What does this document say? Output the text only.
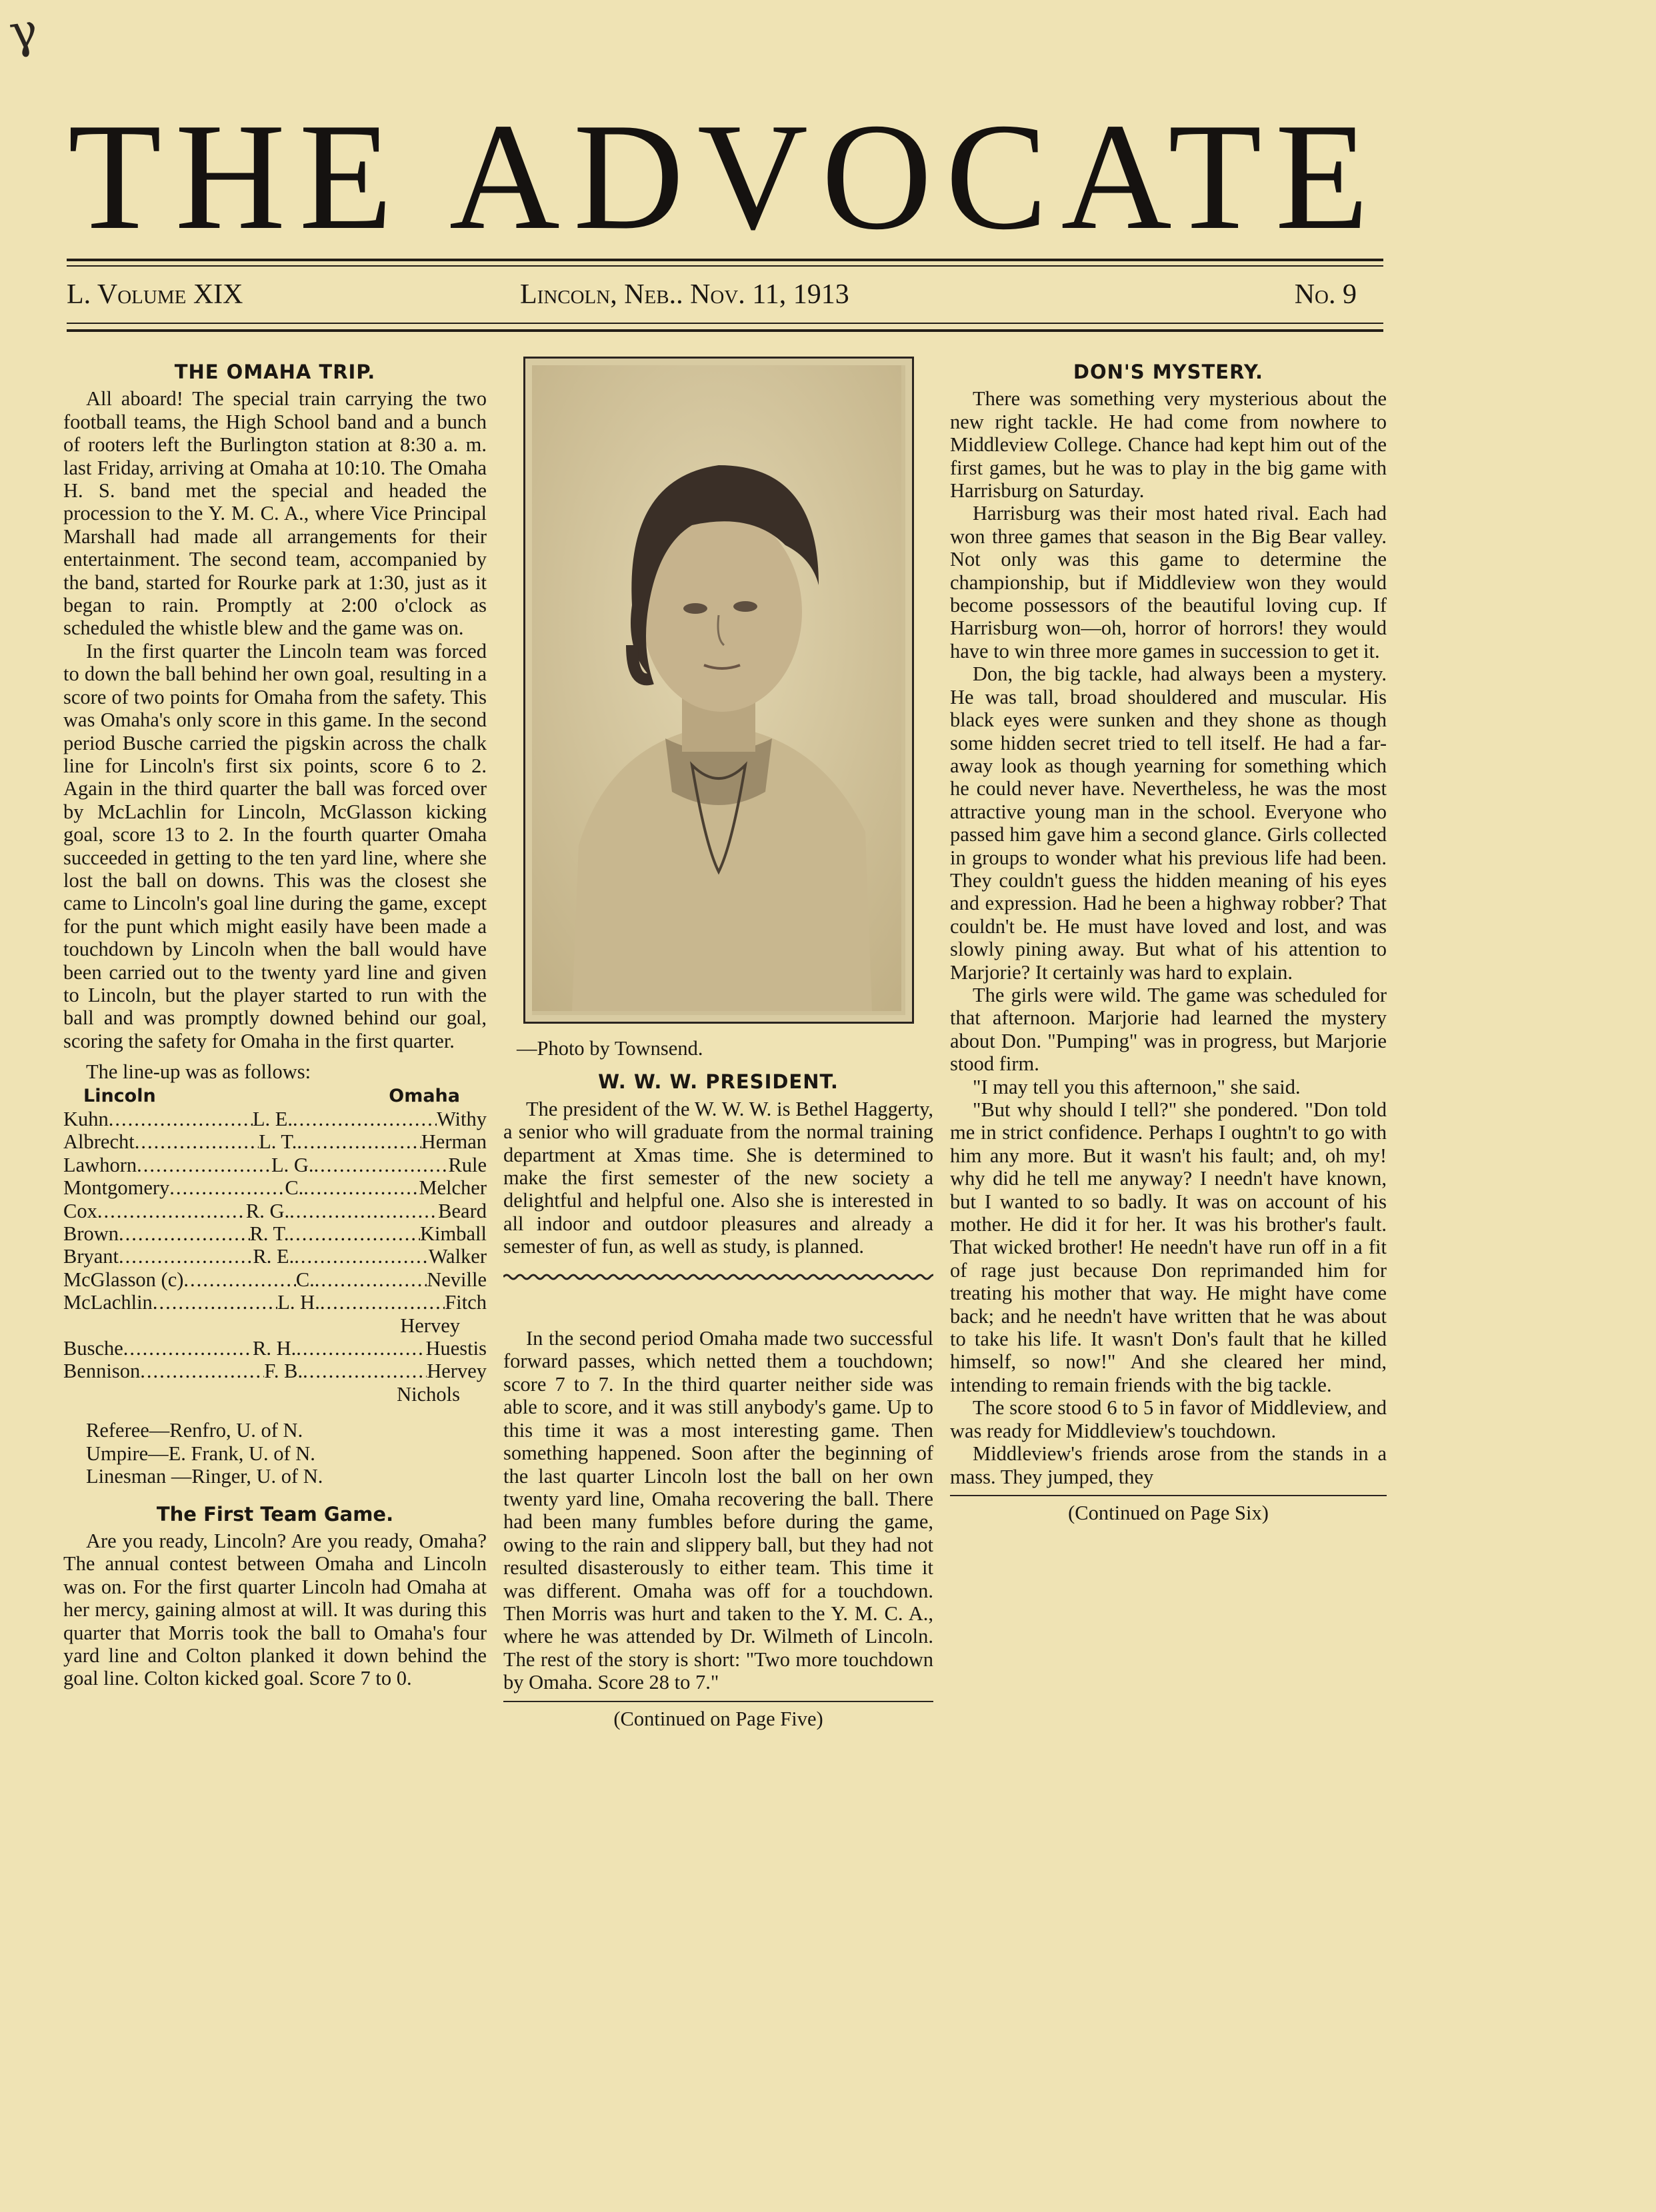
γ
THE ADVOCATE
L. Volume XIX	Lincoln, Neb.. Nov. 11, 1913	No. 9
THE OMAHA TRIP.

All aboard! The special train carrying the two football teams, the High School band and a bunch of rooters left the Burlington station at 8:30 a. m. last Friday, arriving at Omaha at 10:10. The Omaha H. S. band met the special and headed the procession to the Y. M. C. A., where Vice Principal Marshall had made all arrangements for their entertainment. The second team, accompanied by the band, started for Rourke park at 1:30, just as it began to rain. Promptly at 2:00 o'clock as scheduled the whistle blew and the game was on.

In the first quarter the Lincoln team was forced to down the ball behind her own goal, resulting in a score of two points for Omaha from the safety. This was Omaha's only score in this game. In the second period Busche carried the pigskin across the chalk line for Lincoln's first six points, score 6 to 2. Again in the third quarter the ball was forced over by McLachlin for Lincoln, McGlasson kicking goal, score 13 to 2. In the fourth quarter Omaha succeeded in getting to the ten yard line, where she lost the ball on downs. This was the closest she came to Lincoln's goal line during the game, except for the punt which might easily have been made a touchdown by Lincoln when the ball would have been carried out to the twenty yard line and given to Lincoln, but the player started to run with the ball and was promptly downed behind our goal, scoring the safety for Omaha in the first quarter.

The line-up was as follows:

Lincoln	Omaha
Kuhn .....	L. E. .....	Withy
Albrecht .....	L. T. .....	Herman
Lawhorn .....	L. G. .....	Rule
Montgomery .....	C. .....	Melcher
Cox .....	R. G. .....	Beard
Brown .....	R. T. .....	Kimball
Bryant .....	R. E. .....	Walker
McGlasson (c) .....	C. .....	Neville
McLachlin .....	L. H. .....	Fitch
Hervey
Busche .....	R. H. .....	Huestis
Bennison .....	F. B. .....	Hervey
Nichols
Referee—Renfro, U. of N.
Umpire—E. Frank, U. of N.
Linesman —Ringer, U. of N.
The First Team Game.

Are you ready, Lincoln? Are you ready, Omaha? The annual contest between Omaha and Lincoln was on. For the first quarter Lincoln had Omaha at her mercy, gaining almost at will. It was during this quarter that Morris took the ball to Omaha's four yard line and Colton planked it down behind the goal line. Colton kicked goal. Score 7 to 0.

—Photo by Townsend.
W. W. W. PRESIDENT.

The president of the W. W. W. is Bethel Haggerty, a senior who will graduate from the normal training department at Xmas time. She is determined to make the first semester of the new society a delightful and helpful one. Also she is interested in all indoor and outdoor pleasures and already a semester of fun, as well as study, is planned.

In the second period Omaha made two successful forward passes, which netted them a touchdown; score 7 to 7. In the third quarter neither side was able to score, and it was still anybody's game. Up to this time it was a most interesting game. Then something happened. Soon after the beginning of the last quarter Lincoln lost the ball on her own twenty yard line, Omaha recovering the ball. There had been many fumbles before during the game, owing to the rain and slippery ball, but they had not resulted disasterously to either team. This time it was different. Omaha was off for a touchdown. Then Morris was hurt and taken to the Y. M. C. A., where he was attended by Dr. Wilmeth of Lincoln. The rest of the story is short: "Two more touchdown by Omaha. Score 28 to 7."

(Continued on Page Five)
DON'S MYSTERY.

There was something very mysterious about the new right tackle. He had come from nowhere to Middleview College. Chance had kept him out of the first games, but he was to play in the big game with Harrisburg on Saturday.

Harrisburg was their most hated rival. Each had won three games that season in the Big Bear valley. Not only was this game to determine the championship, but if Middleview won they would become possessors of the beautiful loving cup. If Harrisburg won—oh, horror of horrors! they would have to win three more games in succession to get it.

Don, the big tackle, had always been a mystery. He was tall, broad shouldered and muscular. His black eyes were sunken and they shone as though some hidden secret tried to tell itself. He had a far-away look as though yearning for something which he could never have. Nevertheless, he was the most attractive young man in the school. Everyone who passed him gave him a second glance. Girls collected in groups to wonder what his previous life had been. They couldn't guess the hidden meaning of his eyes and expression. Had he been a highway robber? That couldn't be. He must have loved and lost, and was slowly pining away. But what of his attention to Marjorie? It certainly was hard to explain.

The girls were wild. The game was scheduled for that afternoon. Marjorie had learned the mystery about Don. "Pumping" was in progress, but Marjorie stood firm.

"I may tell you this afternoon," she said.

"But why should I tell?" she pondered. "Don told me in strict confidence. Perhaps I oughtn't to go with him any more. But it wasn't his fault; and, oh my! why did he tell me anyway? I needn't have known, but I wanted to so badly. It was on account of his mother. He did it for her. It was his brother's fault. That wicked brother! He needn't have run off in a fit of rage just because Don reprimanded him for treating his mother that way. He might have come back; and he needn't have written that he was about to take his life. It wasn't Don's fault that he killed himself, so now!" And she cleared her mind, intending to remain friends with the big tackle.

The score stood 6 to 5 in favor of Middleview, and was ready for Middleview's touchdown.

Middleview's friends arose from the stands in a mass. They jumped, they

(Continued on Page Six)
